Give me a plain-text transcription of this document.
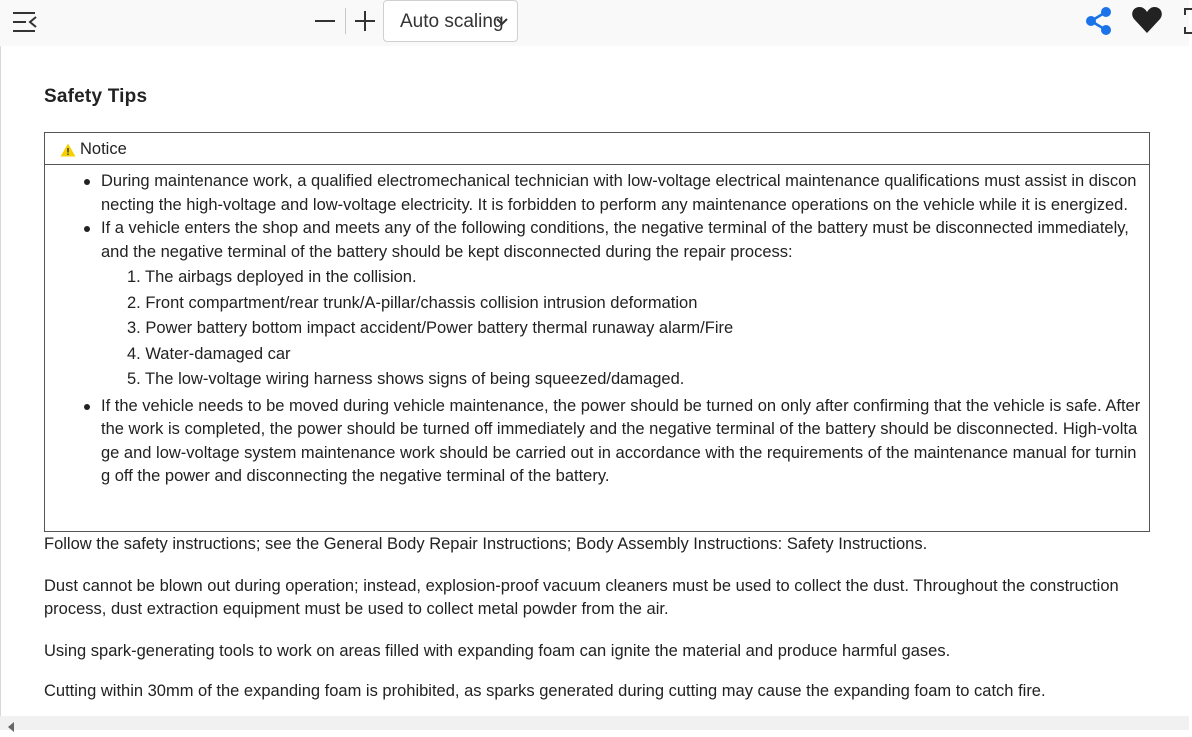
Auto scaling
Safety Tips
Notice
During maintenance work, a qualified electromechanical technician with low-voltage electrical maintenance qualifications must assist in disconnecting the high-voltage and low-voltage electricity. It is forbidden to perform any maintenance operations on the vehicle while it is energized.
If a vehicle enters the shop and meets any of the following conditions, the negative terminal of the battery must be disconnected immediately, and the negative terminal of the battery should be kept disconnected during the repair process:
1. The airbags deployed in the collision.
2. Front compartment/rear trunk/A-pillar/chassis collision intrusion deformation
3. Power battery bottom impact accident/Power battery thermal runaway alarm/Fire
4. Water-damaged car
5. The low-voltage wiring harness shows signs of being squeezed/damaged.
If the vehicle needs to be moved during vehicle maintenance, the power should be turned on only after confirming that the vehicle is safe. After the work is completed, the power should be turned off immediately and the negative terminal of the battery should be disconnected. High-voltage and low-voltage system maintenance work should be carried out in accordance with the requirements of the maintenance manual for turning off the power and disconnecting the negative terminal of the battery.

Follow the safety instructions; see the General Body Repair Instructions; Body Assembly Instructions: Safety Instructions.

Dust cannot be blown out during operation; instead, explosion-proof vacuum cleaners must be used to collect the dust. Throughout the construction process, dust extraction equipment must be used to collect metal powder from the air.

Using spark-generating tools to work on areas filled with expanding foam can ignite the material and produce harmful gases.

Cutting within 30mm of the expanding foam is prohibited, as sparks generated during cutting may cause the expanding foam to catch fire.
